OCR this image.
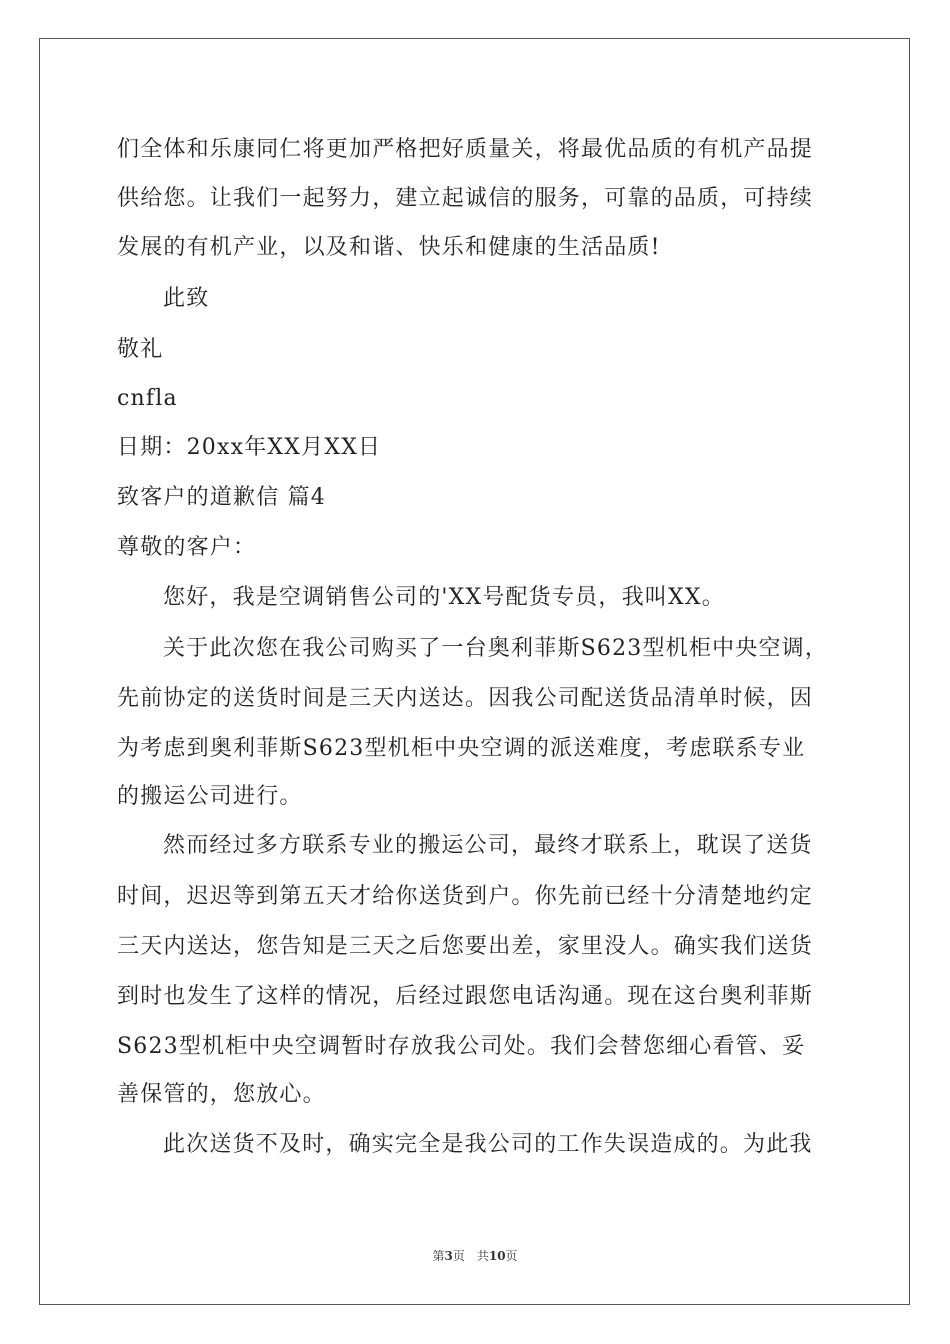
们全体和乐康同仁将更加严格把好质量关，将最优品质的有机产品提
供给您。让我们一起努力，建立起诚信的服务，可靠的品质，可持续
发展的有机产业，以及和谐、快乐和健康的生活品质!
此致
敬礼
cnfla
日期：20xx年XX月XX日
致客户的道歉信 篇4
尊敬的客户：
您好，我是空调销售公司的'XX号配货专员，我叫XX。
关于此次您在我公司购买了一台奥利菲斯S623型机柜中央空调，
先前协定的送货时间是三天内送达。因我公司配送货品清单时候，因
为考虑到奥利菲斯S623型机柜中央空调的派送难度，考虑联系专业
的搬运公司进行。
然而经过多方联系专业的搬运公司，最终才联系上，耽误了送货
时间，迟迟等到第五天才给你送货到户。你先前已经十分清楚地约定
三天内送达，您告知是三天之后您要出差，家里没人。确实我们送货
到时也发生了这样的情况，后经过跟您电话沟通。现在这台奥利菲斯
S623型机柜中央空调暂时存放我公司处。我们会替您细心看管、妥
善保管的，您放心。
此次送货不及时，确实完全是我公司的工作失误造成的。为此我
第3页 共10页
